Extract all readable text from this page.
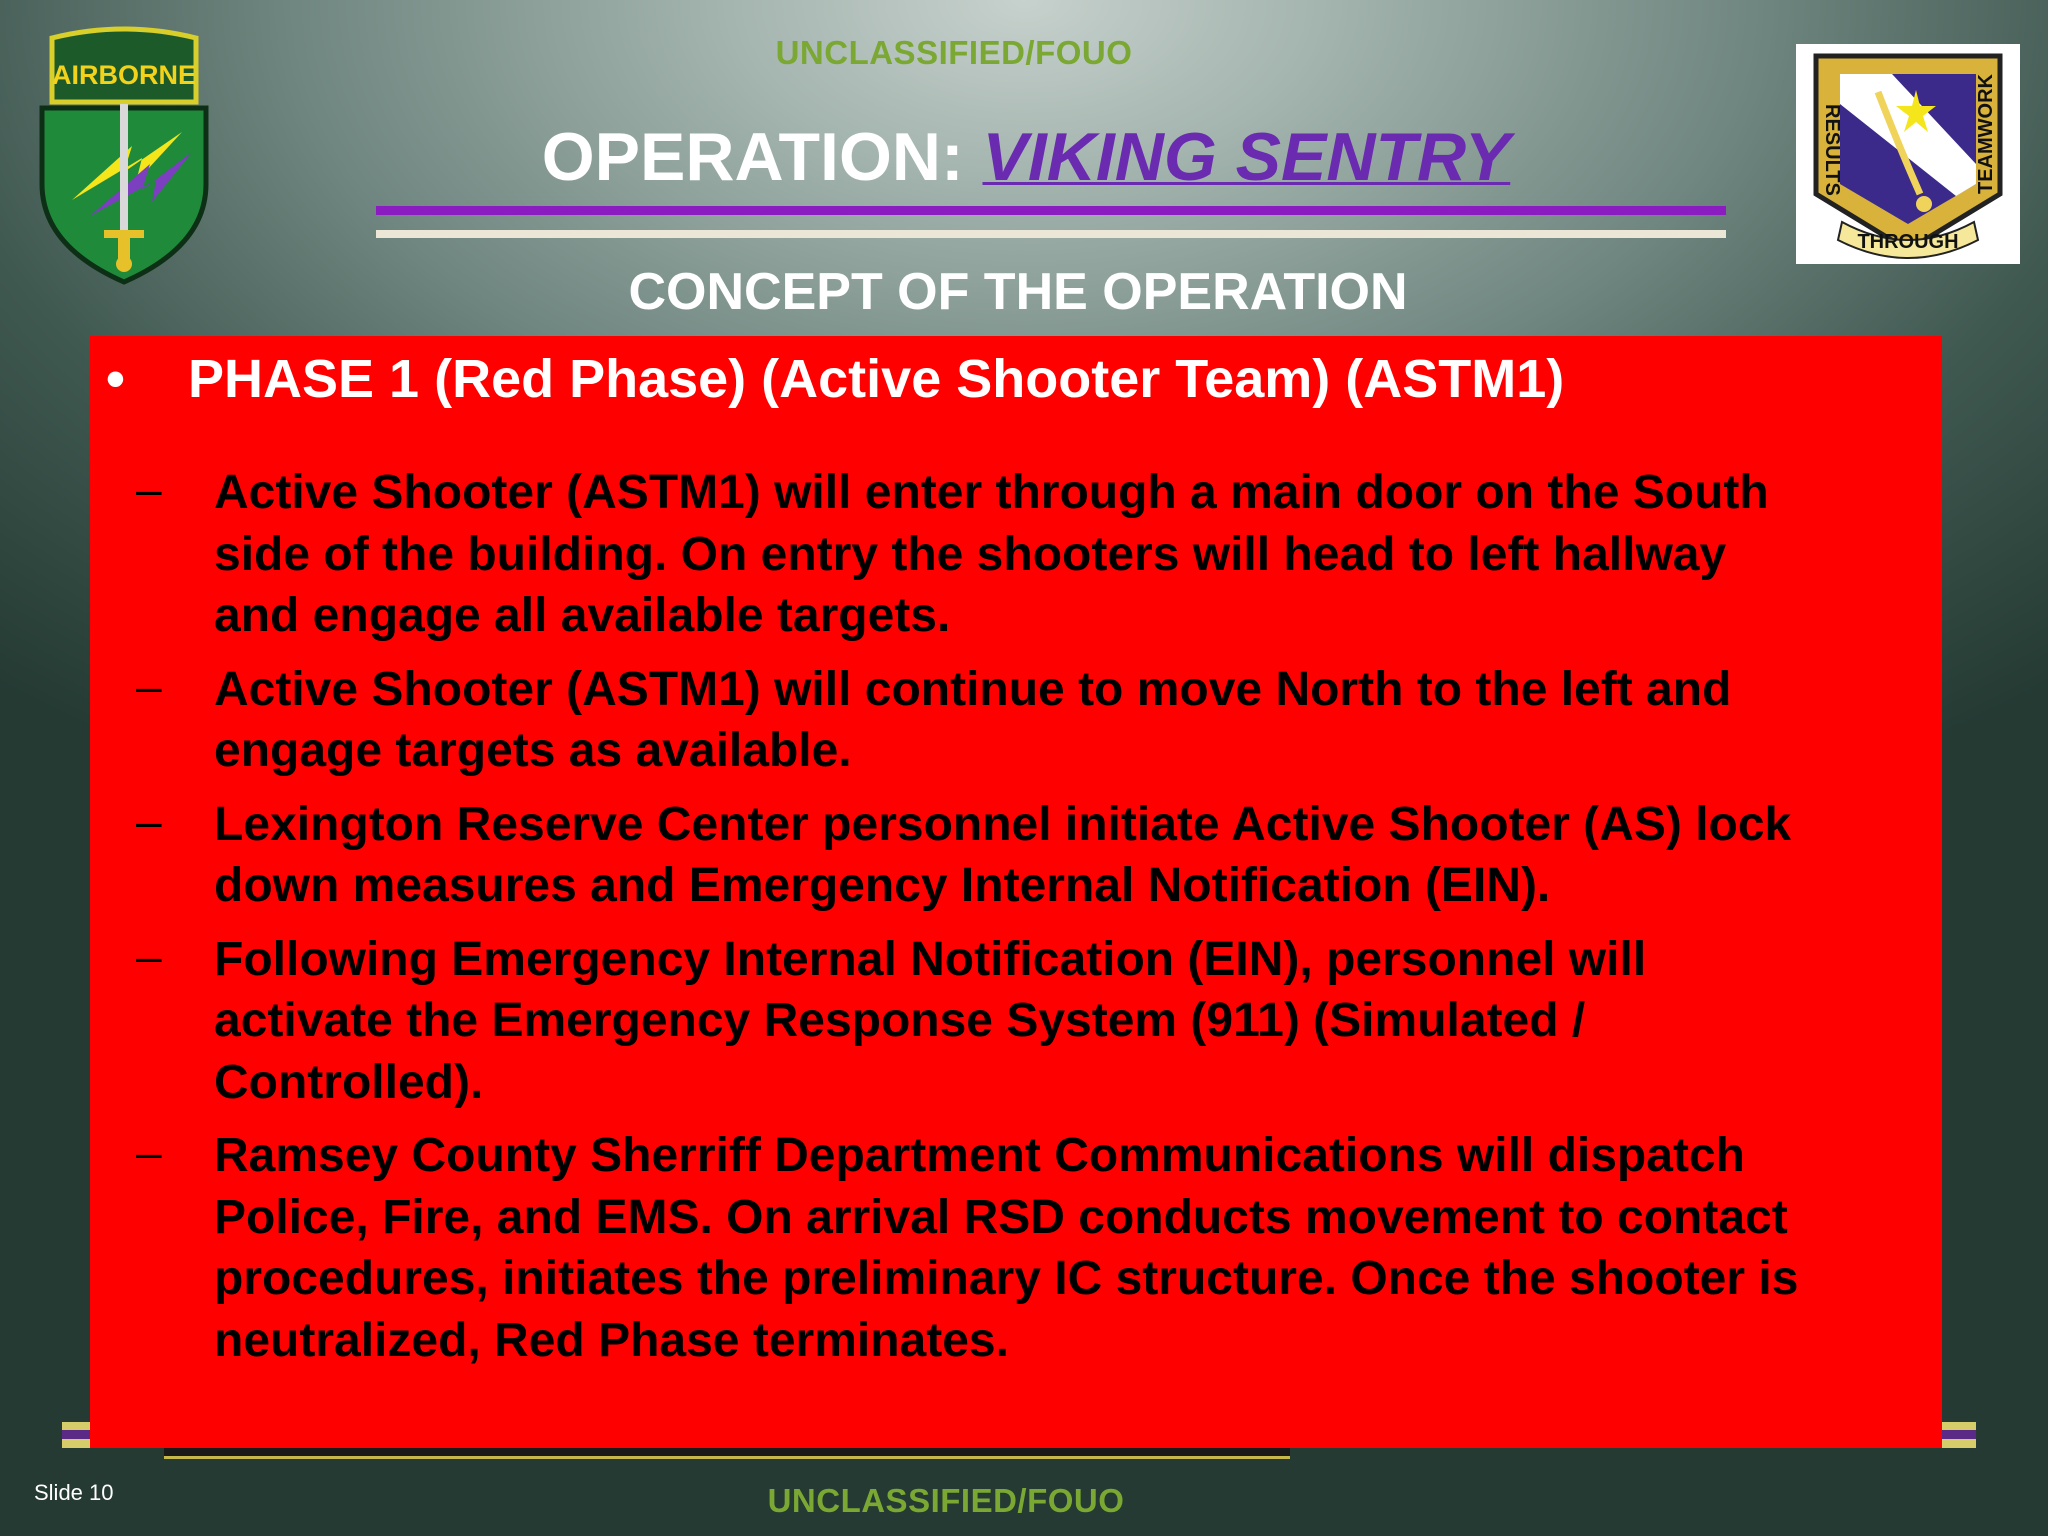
UNCLASSIFIED/FOUO
AIRBORNE
RESULTS	TEAMWORK
THROUGH
OPERATION: VIKING SENTRY
CONCEPT OF THE OPERATION
• PHASE 1 (Red Phase) (Active Shooter Team) (ASTM1)
– Active Shooter (ASTM1) will enter through a main door on the South
side of the building. On entry the shooters will head to left hallway
and engage all available targets.
– Active Shooter (ASTM1) will continue to move North to the left and
engage targets as available.
– Lexington Reserve Center personnel initiate Active Shooter (AS) lock
down measures and Emergency Internal Notification (EIN).
– Following Emergency Internal Notification (EIN), personnel will
activate the Emergency Response System (911) (Simulated /
Controlled).
– Ramsey County Sherriff Department Communications will dispatch
Police, Fire, and EMS. On arrival RSD conducts movement to contact
procedures, initiates the preliminary IC structure. Once the shooter is
neutralized, Red Phase terminates.
Slide 10	UNCLASSIFIED/FOUO
